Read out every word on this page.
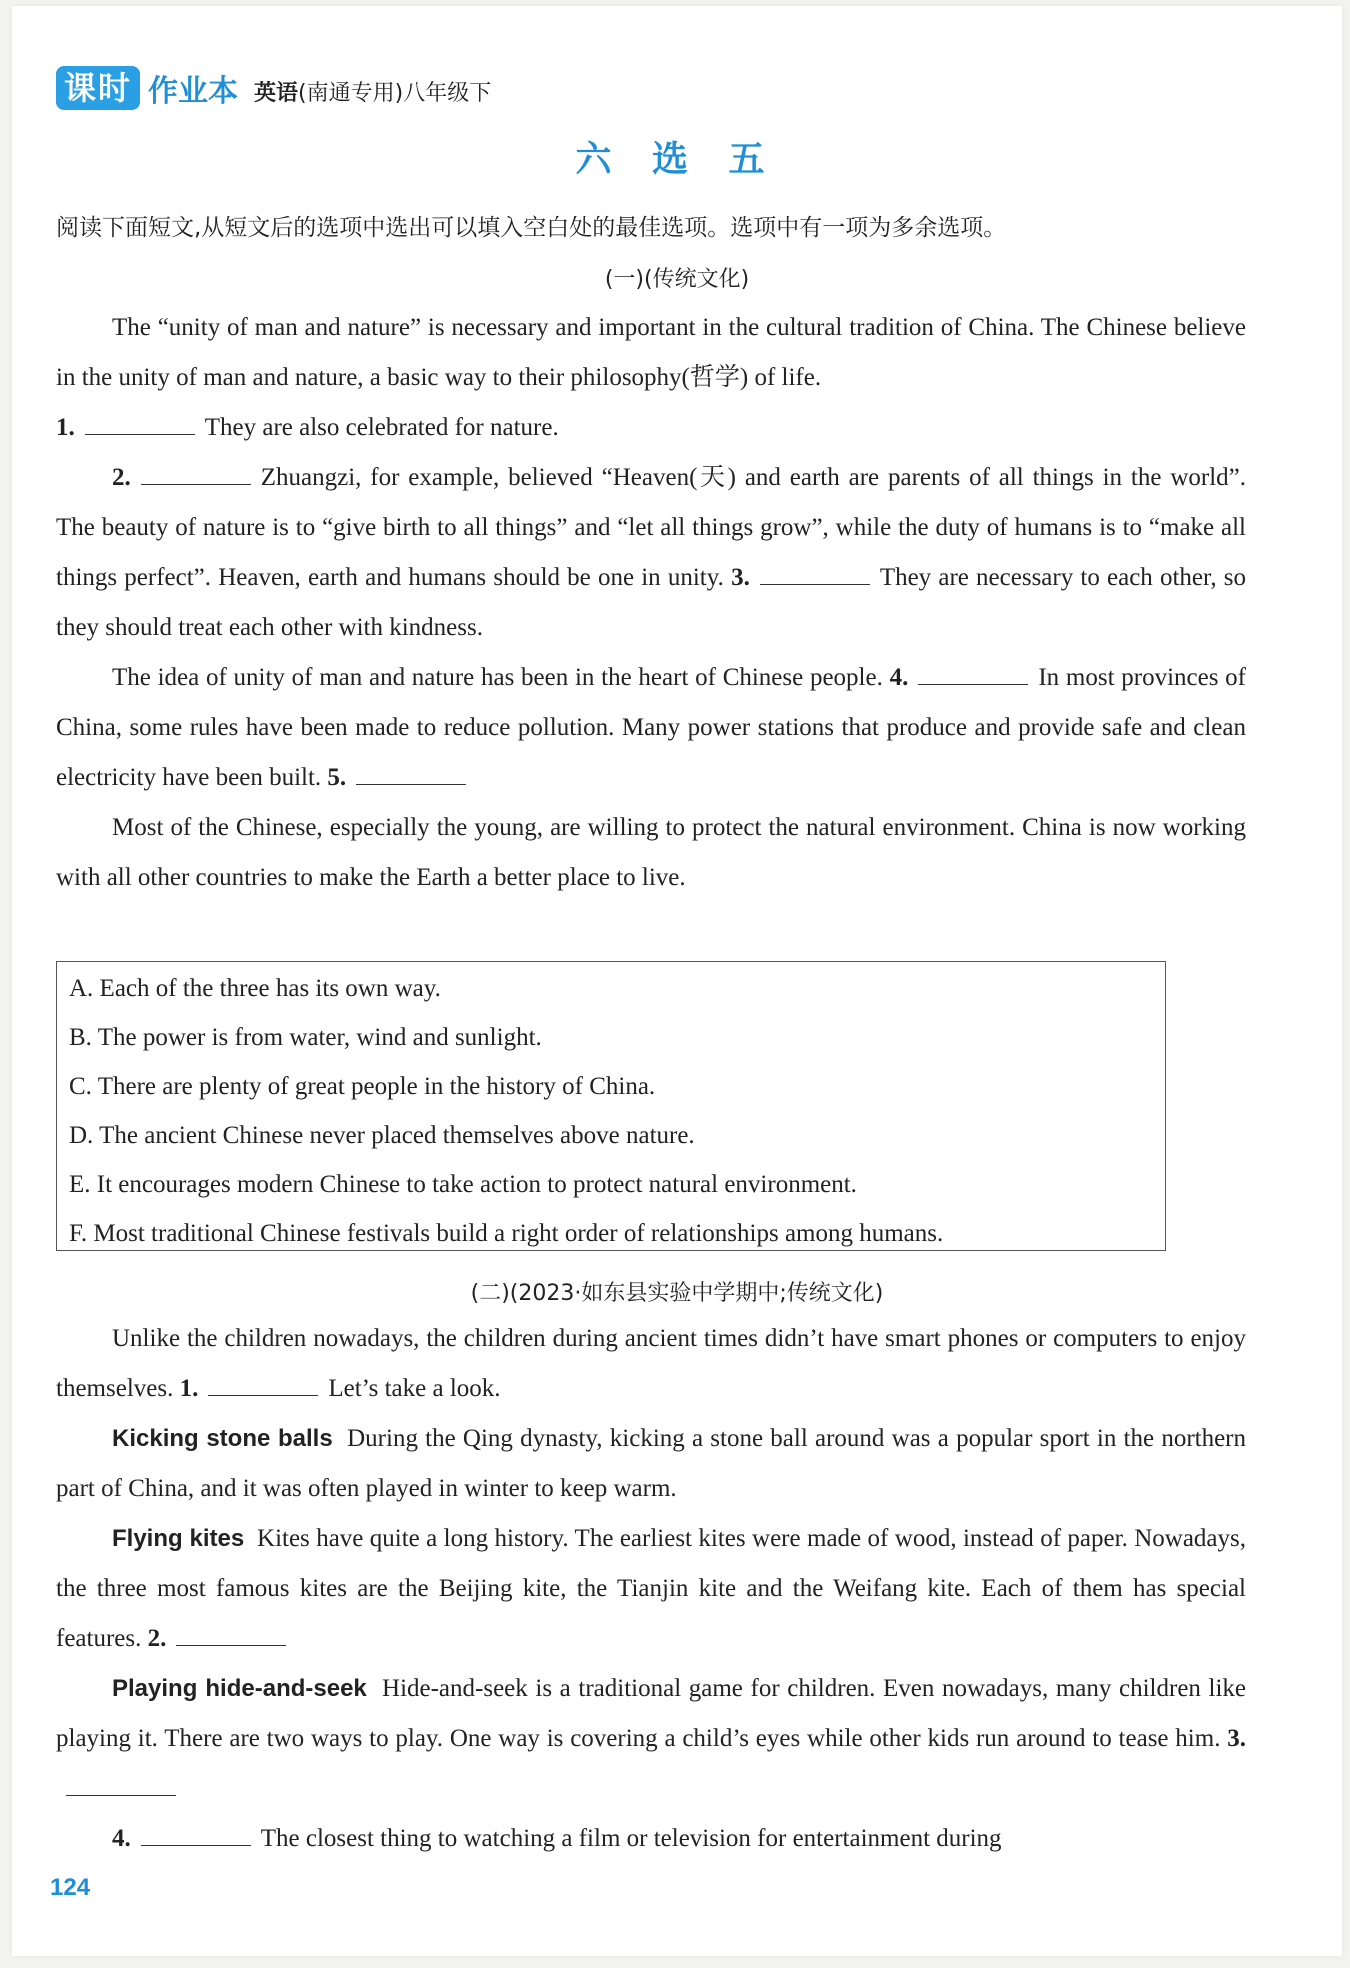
课时 作业本 英语(南通专用)八年级下
六 选 五
阅读下面短文,从短文后的选项中选出可以填入空白处的最佳选项。选项中有一项为多余选项。
(一)(传统文化)

The “unity of man and nature” is necessary and important in the cultural tradition of China. The Chinese believe in the unity of man and nature, a basic way to their philosophy(哲学) of life.
1.	They are also celebrated for nature.

2.	Zhuangzi, for example, believed “Heaven(天) and earth are parents of all things in the world”. The beauty of nature is to “give birth to all things” and “let all things grow”, while the duty of humans is to “make all things perfect”. Heaven, earth and humans should be one in unity. 3.	They are necessary to each other, so they should treat each other with kindness.

The idea of unity of man and nature has been in the heart of Chinese people. 4.	In most provinces of China, some rules have been made to reduce pollution. Many power stations that produce and provide safe and clean electricity have been built. 5.

Most of the Chinese, especially the young, are willing to protect the natural environment. China is now working with all other countries to make the Earth a better place to live.

A. Each of the three has its own way.
B. The power is from water, wind and sunlight.
C. There are plenty of great people in the history of China.
D. The ancient Chinese never placed themselves above nature.
E. It encourages modern Chinese to take action to protect natural environment.
F. Most traditional Chinese festivals build a right order of relationships among humans.
(二)(2023·如东县实验中学期中;传统文化)

Unlike the children nowadays, the children during ancient times didn’t have smart phones or computers to enjoy themselves. 1.	Let’s take a look.

Kicking stone balls During the Qing dynasty, kicking a stone ball around was a popular sport in the northern part of China, and it was often played in winter to keep warm.

Flying kites Kites have quite a long history. The earliest kites were made of wood, instead of paper. Nowadays, the three most famous kites are the Beijing kite, the Tianjin kite and the Weifang kite. Each of them has special features. 2.

Playing hide-and-seek Hide-and-seek is a traditional game for children. Even nowadays, many children like playing it. There are two ways to play. One way is covering a child’s eyes while other kids run around to tease him. 3.

4.	The closest thing to watching a film or television for entertainment during

124
